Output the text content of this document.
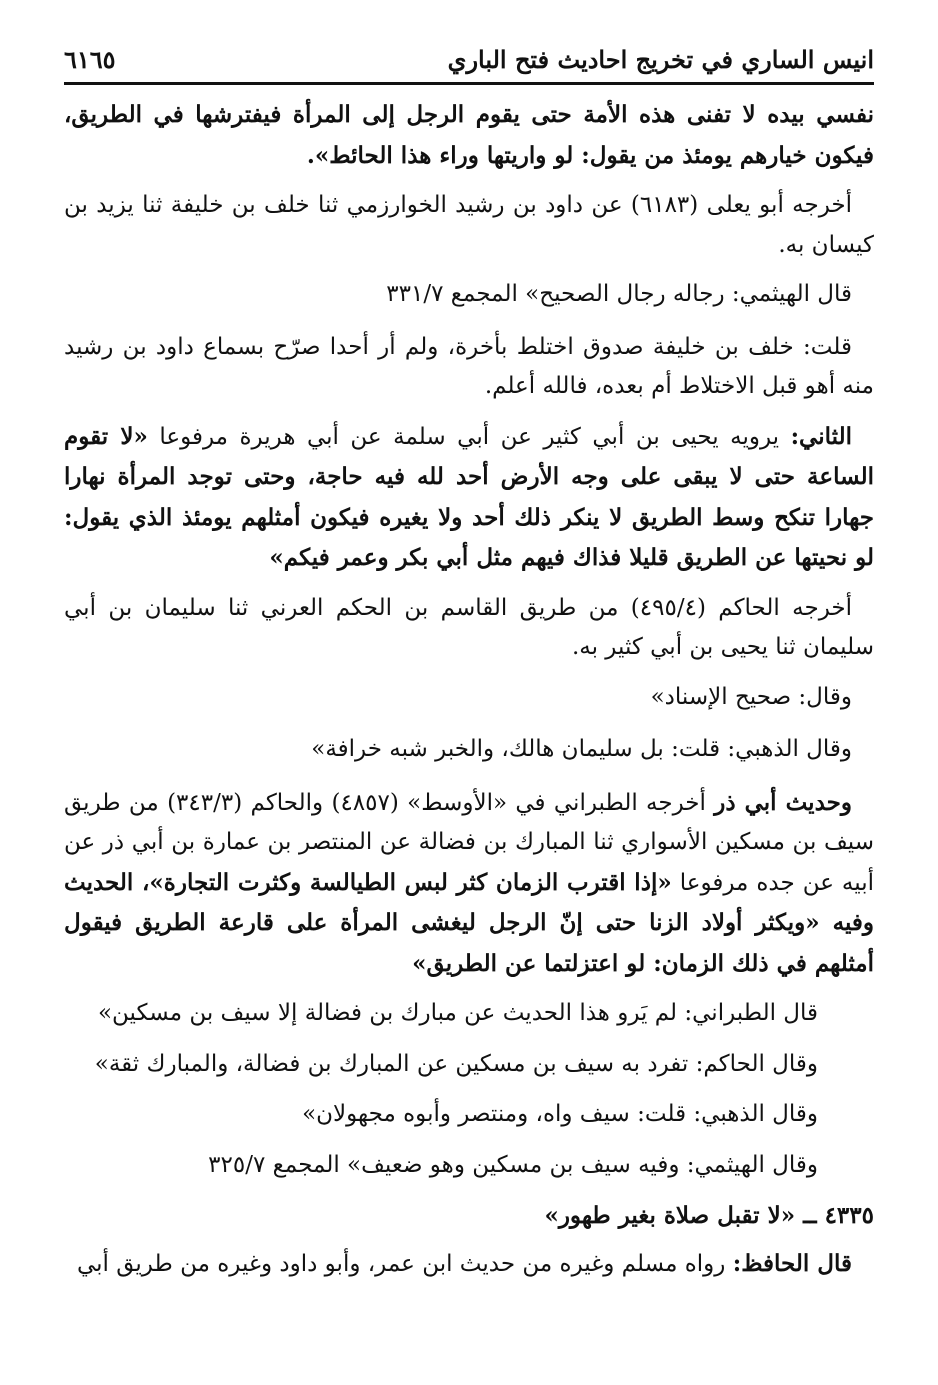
انيس الساري في تخريج احاديث فتح الباري
٦١٦٥

نفسي بيده لا تفنى هذه الأمة حتى يقوم الرجل إلى المرأة فيفترشها في الطريق، فيكون خيارهم يومئذ من يقول: لو واريتها وراء هذا الحائط».

أخرجه أبو يعلى (٦١٨٣) عن داود بن رشيد الخوارزمي ثنا خلف بن خليفة ثنا يزيد بن كيسان به.

قال الهيثمي: رجاله رجال الصحيح» المجمع ٣٣١/٧

قلت: خلف بن خليفة صدوق اختلط بأخرة، ولم أر أحدا صرّح بسماع داود بن رشيد منه أهو قبل الاختلاط أم بعده، فالله أعلم.

الثاني: يرويه يحيى بن أبي كثير عن أبي سلمة عن أبي هريرة مرفوعا «لا تقوم الساعة حتى لا يبقى على وجه الأرض أحد لله فيه حاجة، وحتى توجد المرأة نهارا جهارا تنكح وسط الطريق لا ينكر ذلك أحد ولا يغيره فيكون أمثلهم يومئذ الذي يقول: لو نحيتها عن الطريق قليلا فذاك فيهم مثل أبي بكر وعمر فيكم»

أخرجه الحاكم (٤٩٥/٤) من طريق القاسم بن الحكم العرني ثنا سليمان بن أبي سليمان ثنا يحيى بن أبي كثير به.

وقال: صحيح الإسناد»

وقال الذهبي: قلت: بل سليمان هالك، والخبر شبه خرافة»

وحديث أبي ذر أخرجه الطبراني في «الأوسط» (٤٨٥٧) والحاكم (٣٤٣/٣) من طريق سيف بن مسكين الأسواري ثنا المبارك بن فضالة عن المنتصر بن عمارة بن أبي ذر عن أبيه عن جده مرفوعا «إذا اقترب الزمان كثر لبس الطيالسة وكثرت التجارة»، الحديث وفيه «ويكثر أولاد الزنا حتى إنّ الرجل ليغشى المرأة على قارعة الطريق فيقول أمثلهم في ذلك الزمان: لو اعتزلتما عن الطريق»

قال الطبراني: لم يَرو هذا الحديث عن مبارك بن فضالة إلا سيف بن مسكين»

وقال الحاكم: تفرد به سيف بن مسكين عن المبارك بن فضالة، والمبارك ثقة»

وقال الذهبي: قلت: سيف واه، ومنتصر وأبوه مجهولان»

وقال الهيثمي: وفيه سيف بن مسكين وهو ضعيف» المجمع ٣٢٥/٧

٤٣٣٥ ــ «لا تقبل صلاة بغير طهور»

قال الحافظ: رواه مسلم وغيره من حديث ابن عمر، وأبو داود وغيره من طريق أبي
